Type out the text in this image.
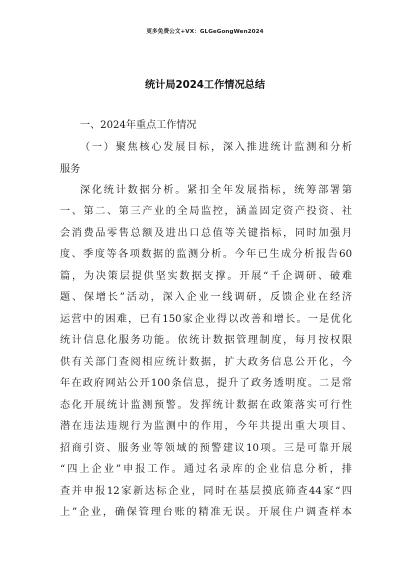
更多免费公文+VX：GLGeGongWen2024
统计局2024工作情况总结
一、2024年重点工作情况
（一）聚焦核心发展目标，深入推进统计监测和分析
服务
深化统计数据分析。紧扣全年发展指标，统筹部署第
一、第二、第三产业的全局监控，涵盖固定资产投资、社
会消费品零售总额及进出口总值等关键指标，同时加强月
度、季度等各项数据的监测分析。今年已生成分析报告60
篇，为决策层提供坚实数据支撑。开展“千企调研、破难
题、保增长”活动，深入企业一线调研，反馈企业在经济
运营中的困难，已有150家企业得以改善和增长。一是优化
统计信息化服务功能。依统计数据管理制度，每月按权限
供有关部门查阅相应统计数据，扩大政务信息公开化，今
年在政府网站公开100条信息，提升了政务透明度。二是常
态化开展统计监测预警。发挥统计数据在政策落实可行性
潜在违法违规行为监测中的作用，今年共提出重大项目、
招商引资、服务业等领域的预警建议10项。三是可靠开展
“四上企业”申报工作。通过名录库的企业信息分析，排
查并申报12家新达标企业，同时在基层摸底筛查44家“四
上”企业，确保管理台账的精准无误。开展住户调查样本
